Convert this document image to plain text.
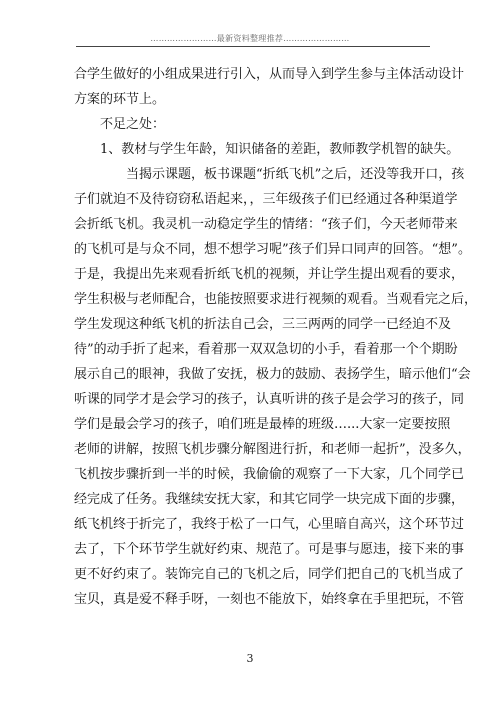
……………………最新资料整理推荐……………………

合学生做好的小组成果进行引入，从而导入到学生参与主体活动设计

方案的环节上。

不足之处：

1、教材与学生年龄，知识储备的差距，教师教学机智的缺失。

当揭示课题，板书课题“折纸飞机”之后，还没等我开口，孩

子们就迫不及待窃窃私语起来，，三年级孩子们已经通过各种渠道学

会折纸飞机。我灵机一动稳定学生的情绪：“孩子们，今天老师带来

的飞机可是与众不同，想不想学习呢”孩子们异口同声的回答。“想”。

于是，我提出先来观看折纸飞机的视频，并让学生提出观看的要求，

学生积极与老师配合，也能按照要求进行视频的观看。当观看完之后，

学生发现这种纸飞机的折法自己会，三三两两的同学一已经迫不及

待”的动手折了起来，看着那一双双急切的小手，看着那一个个期盼

展示自己的眼神，我做了安抚，极力的鼓励、表扬学生，暗示他们“会

听课的同学才是会学习的孩子，认真听讲的孩子是会学习的孩子，同

学们是最会学习的孩子，咱们班是最棒的班级…...大家一定要按照

老师的讲解，按照飞机步骤分解图进行折，和老师一起折”，没多久，

飞机按步骤折到一半的时候，我偷偷的观察了一下大家，几个同学已

经完成了任务。我继续安抚大家，和其它同学一块完成下面的步骤，

纸飞机终于折完了，我终于松了一口气，心里暗自高兴，这个环节过

去了，下个环节学生就好约束、规范了。可是事与愿违，接下来的事

更不好约束了。装饰完自己的飞机之后，同学们把自己的飞机当成了

宝贝，真是爱不释手呀，一刻也不能放下，始终拿在手里把玩，不管

3
